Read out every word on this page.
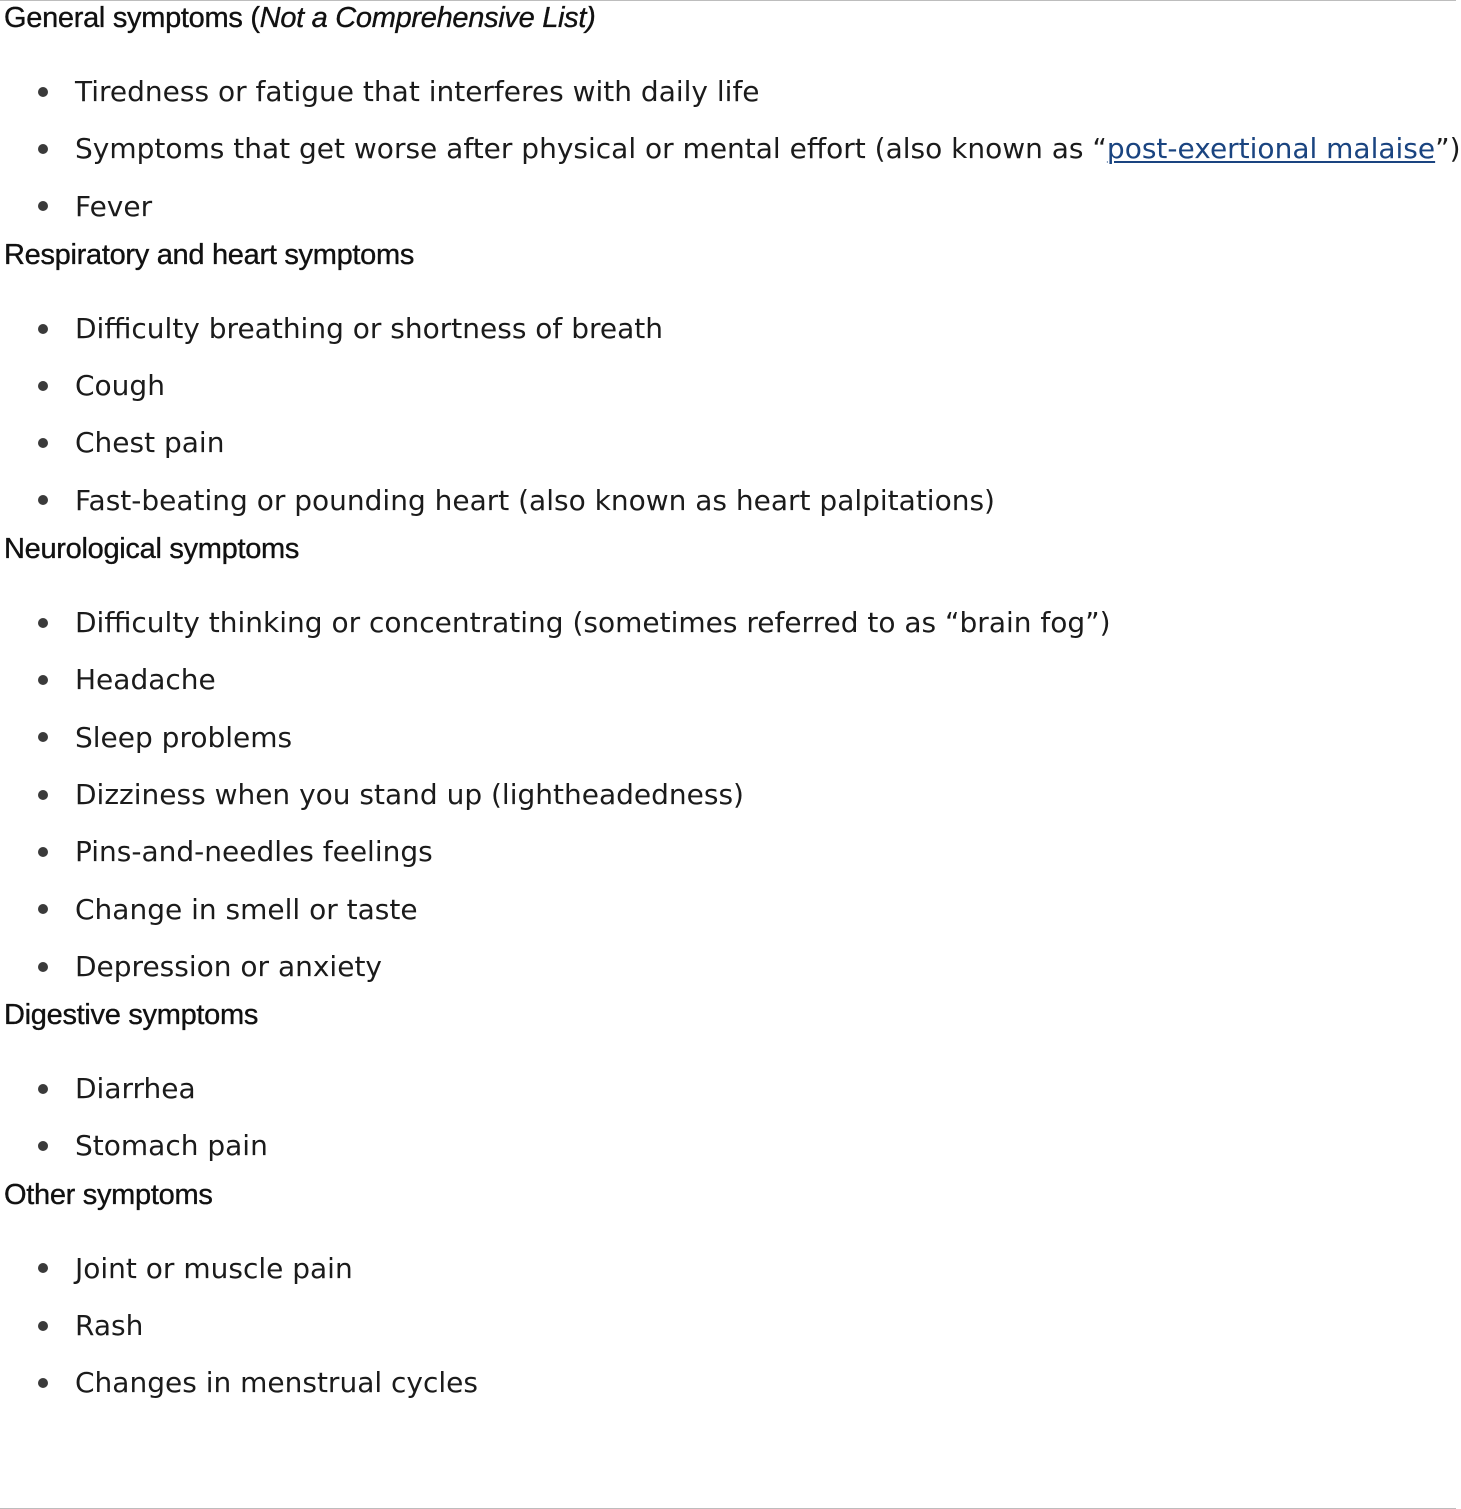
General symptoms (Not a Comprehensive List)
Tiredness or fatigue that interferes with daily life
Symptoms that get worse after physical or mental effort (also known as “post-exertional malaise”)
Fever
Respiratory and heart symptoms
Difficulty breathing or shortness of breath
Cough
Chest pain
Fast-beating or pounding heart (also known as heart palpitations)
Neurological symptoms
Difficulty thinking or concentrating (sometimes referred to as “brain fog”)
Headache
Sleep problems
Dizziness when you stand up (lightheadedness)
Pins-and-needles feelings
Change in smell or taste
Depression or anxiety
Digestive symptoms
Diarrhea
Stomach pain
Other symptoms
Joint or muscle pain
Rash
Changes in menstrual cycles
